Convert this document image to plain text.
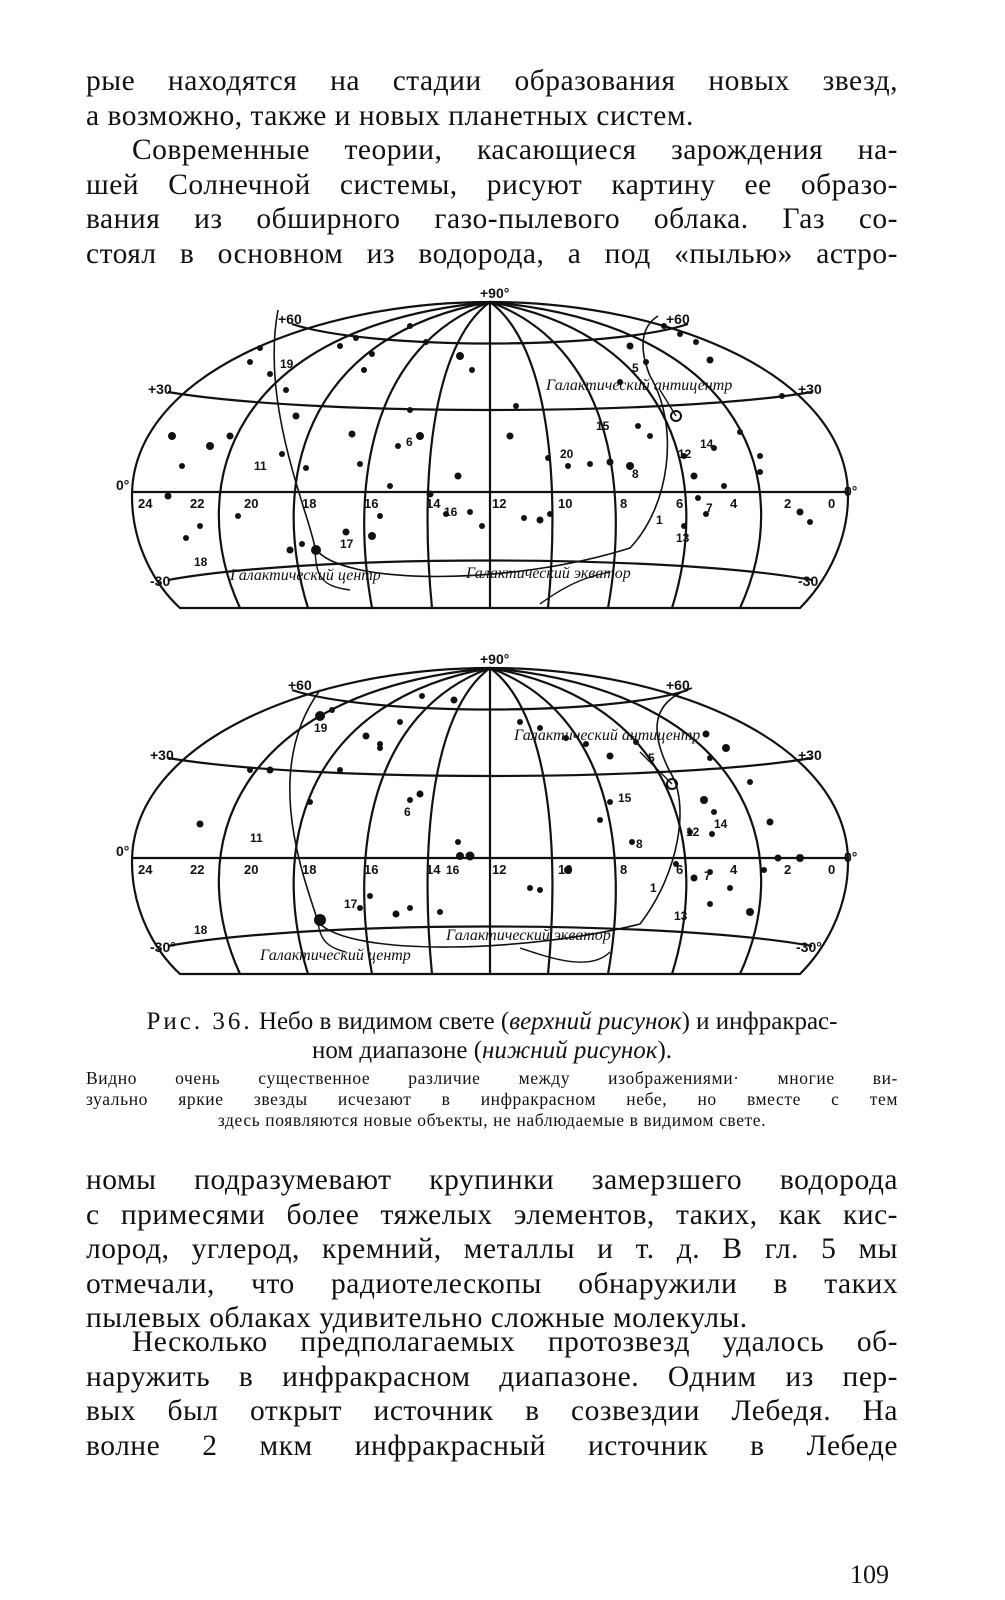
рые находятся на стадии образования новых звезд,
а возможно, также и новых планетных систем.
Современные теории, касающиеся зарождения на-
шей Солнечной системы, рисуют картину ее образо-
вания из обширного газо-пылевого облака. Газ со-
стоял в основном из водорода, а под «пылью» астро-
+90°
+60	+60
+30	+30
0°	0°
-30	-30
24	22	20	18	16	14	12	10	8	6	4	2	0
19	5
15
6
20
14
12
11
8
16	7
17
1
13
18
Галактический антицентр
Галактический центр	Галактический экватор
+90°
+60	+60
+30	+30
0°	0°
-30°	-30°
24	22	20	18	16	14	12	10	8	6	4	2	0
19
5
15
6
11
14
12
8
16	7
17
1
18
13
Галактический антицентр
Галактический центр
Галактический экватор
Рис. 36. Небо в видимом свете (верхний рисунок) и инфракрас-
ном диапазоне (нижний рисунок).
Видно очень существенное различие между изображениями· многие ви-
зуально яркие звезды исчезают в инфракрасном небе, но вместе с тем
здесь появляются новые объекты, не наблюдаемые в видимом свете.
номы подразумевают крупинки замерзшего водорода
с примесями более тяжелых элементов, таких, как кис-
лород, углерод, кремний, металлы и т. д. В гл. 5 мы
отмечали, что радиотелескопы обнаружили в таких
пылевых облаках удивительно сложные молекулы.
Несколько предполагаемых протозвезд удалось об-
наружить в инфракрасном диапазоне. Одним из пер-
вых был открыт источник в созвездии Лебедя. На
волне 2 мкм инфракрасный источник в Лебеде
109
